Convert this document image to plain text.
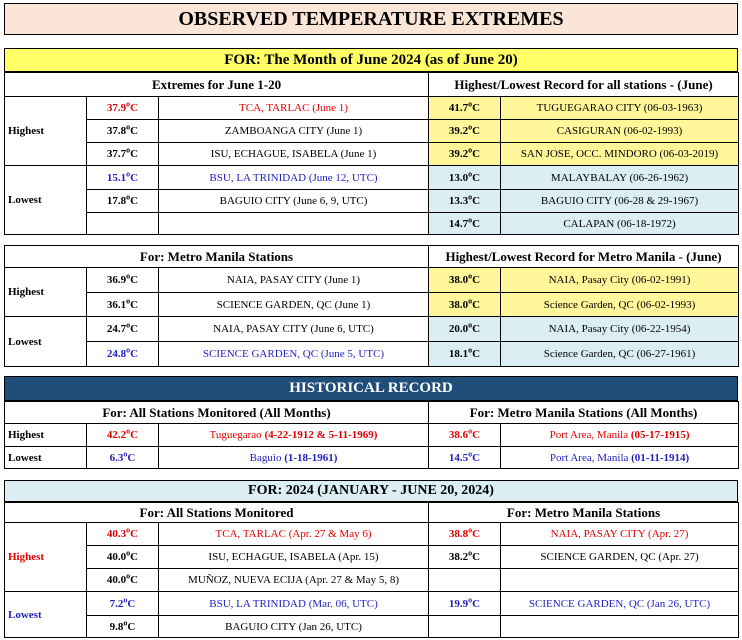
OBSERVED TEMPERATURE EXTREMES
FOR: The Month of June 2024 (as of June 20)
Extremes for June 1-20			Highest/Lowest Record for all stations - (June)	
Highest	37.9$^o$C	TCA, TARLAC (June 1)	41.7$^o$C	TUGUEGARAO CITY (06-03-1963)
	37.8$^o$C	ZAMBOANGA CITY (June 1)	39.2$^o$C	CASIGURAN (06-02-1993)
	37.7$^o$C	ISU, ECHAGUE, ISABELA (June 1)	39.2$^o$C	SAN JOSE, OCC. MINDORO (06-03-2019)
Lowest	15.1$^o$C	BSU, LA TRINIDAD (June 12, UTC)	13.0$^o$C	MALAYBALAY (06-26-1962)
	17.8$^o$C	BAGUIO CITY (June 6, 9, UTC)	13.3$^o$C	BAGUIO CITY (06-28 & 29-1967)
			14.7$^o$C	CALAPAN (06-18-1972)
For: Metro Manila Stations			Highest/Lowest Record for Metro Manila - (June)	
Highest	36.9$^o$C	NAIA, PASAY CITY (June 1)	38.0$^o$C	NAIA, Pasay City (06-02-1991)
	36.1$^o$C	SCIENCE GARDEN, QC (June 1)	38.0$^o$C	Science Garden, QC (06-02-1993)
Lowest	24.7$^o$C	NAIA, PASAY CITY (June 6, UTC)	20.0$^o$C	NAIA, Pasay City (06-22-1954)
	24.8$^o$C	SCIENCE GARDEN, QC (June 5, UTC)	18.1$^o$C	Science Garden, QC (06-27-1961)
HISTORICAL RECORD
For: All Stations Monitored (All Months)			For: Metro Manila Stations (All Months)	
Highest	42.2$^o$C	Tuguegarao (4-22-1912 & 5-11-1969)	38.6$^o$C	Port Area, Manila (05-17-1915)
Lowest	6.3$^o$C	Baguio (1-18-1961)	14.5$^o$C	Port Area, Manila (01-11-1914)
FOR: 2024 (JANUARY - JUNE 20, 2024)
For: All Stations Monitored			For: Metro Manila Stations	
Highest	40.3$^o$C	TCA, TARLAC (Apr. 27 & May 6)	38.8$^o$C	NAIA, PASAY CITY (Apr. 27)
	40.0$^o$C	ISU, ECHAGUE, ISABELA (Apr. 15)	38.2$^o$C	SCIENCE GARDEN, QC (Apr. 27)
	40.0$^o$C	MUÑOZ, NUEVA ECIJA (Apr. 27 & May 5, 8)		
Lowest	7.2$^o$C	BSU, LA TRINIDAD (Mar. 06, UTC)	19.9$^o$C	SCIENCE GARDEN, QC (Jan 26, UTC)
	9.8$^o$C	BAGUIO CITY (Jan 26, UTC)		
